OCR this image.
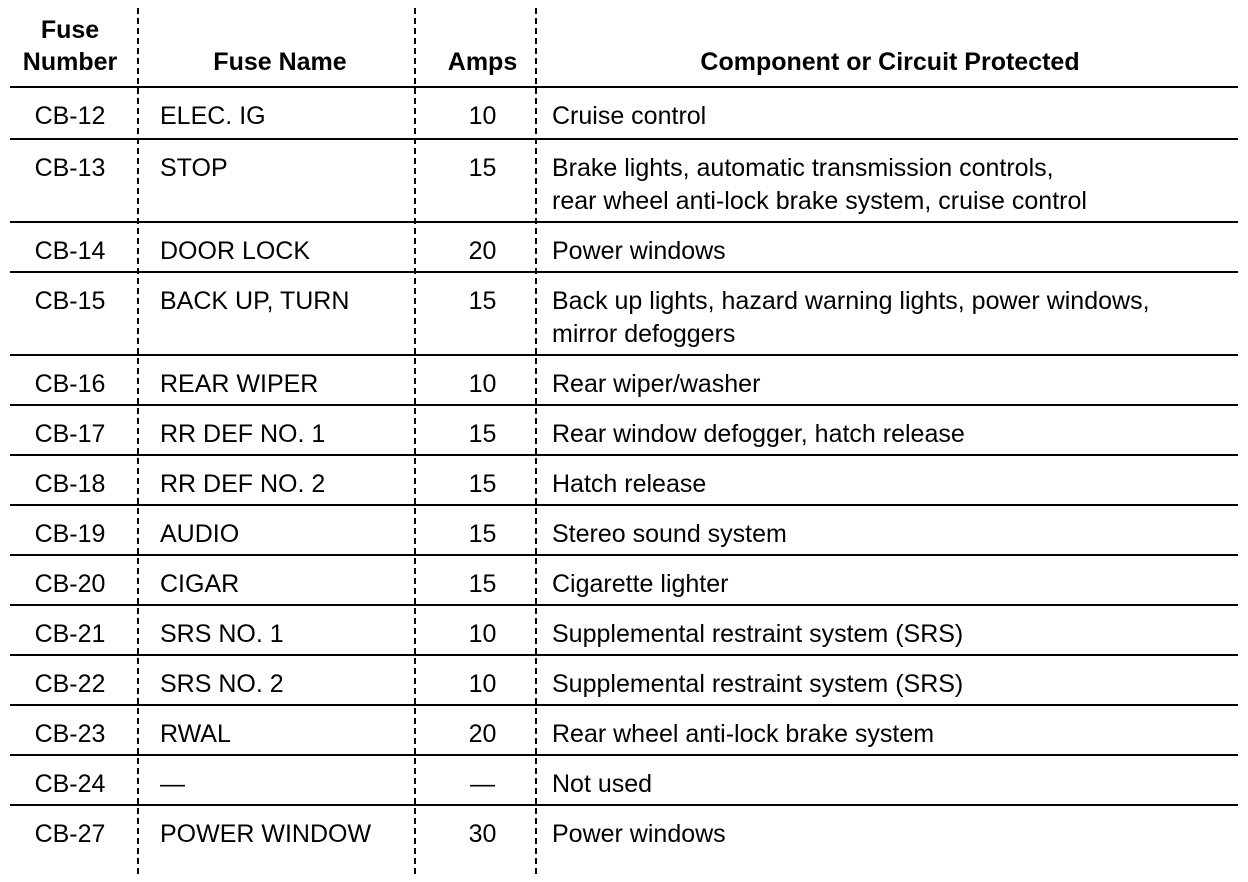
Fuse
Number	Fuse Name	Amps	Component or Circuit Protected
CB-12	ELEC. IG	10	Cruise control
CB-13	STOP	15	Brake lights, automatic transmission controls,
rear wheel anti-lock brake system, cruise control
CB-14	DOOR LOCK	20	Power windows
CB-15	BACK UP, TURN	15	Back up lights, hazard warning lights, power windows,
mirror defoggers
CB-16	REAR WIPER	10	Rear wiper/washer
CB-17	RR DEF NO. 1	15	Rear window defogger, hatch release
CB-18	RR DEF NO. 2	15	Hatch release
CB-19	AUDIO	15	Stereo sound system
CB-20	CIGAR	15	Cigarette lighter
CB-21	SRS NO. 1	10	Supplemental restraint system (SRS)
CB-22	SRS NO. 2	10	Supplemental restraint system (SRS)
CB-23	RWAL	20	Rear wheel anti-lock brake system
CB-24	—	—	Not used
CB-27	POWER WINDOW	30	Power windows
